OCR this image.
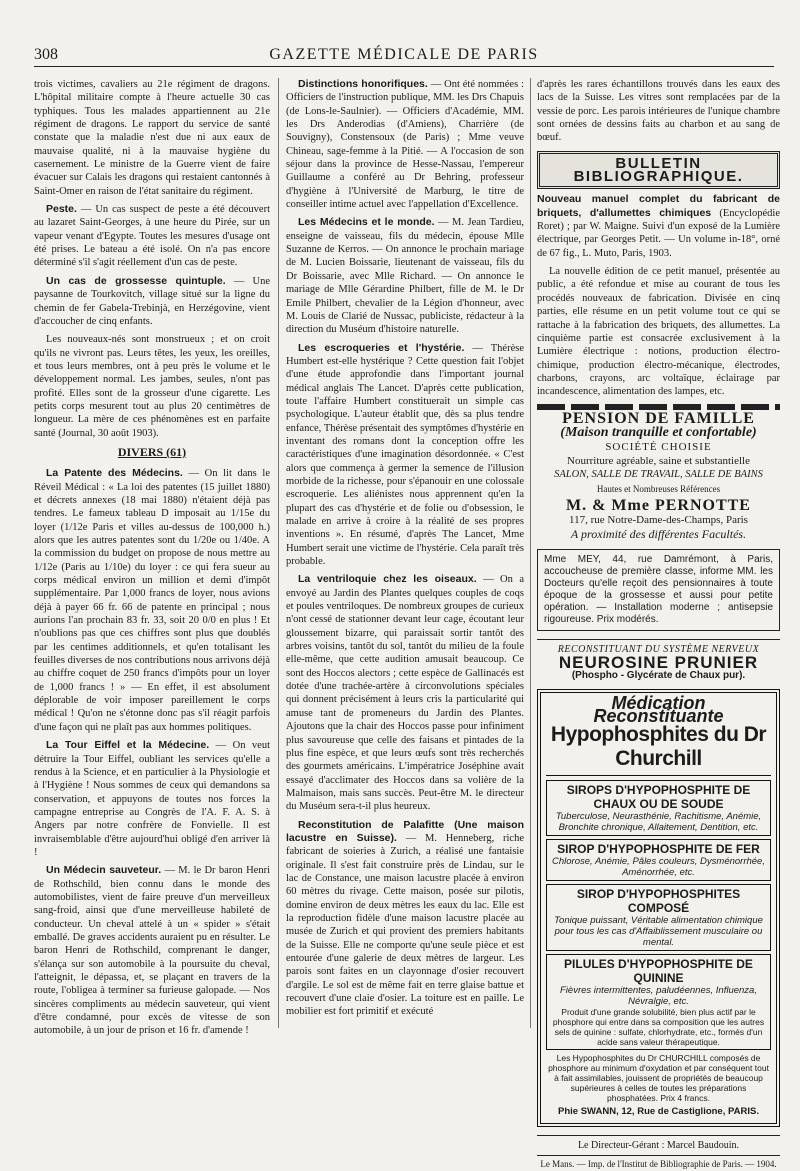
308	GAZETTE MÉDICALE DE PARIS

trois victimes, cavaliers au 21e régiment de dragons. L'hôpital militaire compte à l'heure actuelle 30 cas typhiques. Tous les malades appartiennent au 21e régiment de dragons. Le rapport du service de santé constate que la maladie n'est due ni aux eaux de mauvaise qualité, ni à la mauvaise hygiène du casernement. Le ministre de la Guerre vient de faire évacuer sur Calais les dragons qui restaient cantonnés à Saint-Omer en raison de l'état sanitaire du régiment.

Peste. — Un cas suspect de peste a été découvert au lazaret Saint-Georges, à une heure du Pirée, sur un vapeur venant d'Egypte. Toutes les mesures d'usage ont été prises. Le bateau a été isolé. On n'a pas encore déterminé s'il s'agit réellement d'un cas de peste.

Un cas de grossesse quintuple. — Une paysanne de Tourkovitch, village situé sur la ligne du chemin de fer Gabela-Trebinjà, en Herzégovine, vient d'accoucher de cinq enfants.

Les nouveaux-nés sont monstrueux ; et on croit qu'ils ne vivront pas. Leurs têtes, les yeux, les oreilles, et tous leurs membres, ont à peu près le volume et le développement normal. Les jambes, seules, n'ont pas profité. Elles sont de la grosseur d'une cigarette. Les petits corps mesurent tout au plus 20 centimètres de longueur. La mère de ces phénomènes est en parfaite santé (Journal, 30 août 1903).

DIVERS (61)

La Patente des Médecins. — On lit dans le Réveil Médical : « La loi des patentes (15 juillet 1880) et décrets annexes (18 mai 1880) n'étaient déjà pas tendres. Le fameux tableau D imposait au 1/15e du loyer (1/12e Paris et villes au-dessus de 100,000 h.) alors que les autres patentes sont du 1/20e ou 1/40e. A la commission du budget on propose de nous mettre au 1/12e (Paris au 1/10e) du loyer : ce qui fera sueur au corps médical environ un million et demi d'impôt supplémentaire. Par 1,000 francs de loyer, nous avions déjà à payer 66 fr. 66 de patente en principal ; nous aurions l'an prochain 83 fr. 33, soit 20 0/0 en plus ! Et n'oublions pas que ces chiffres sont plus que doublés par les centimes additionnels, et qu'en totalisant les feuilles diverses de nos contributions nous arrivons déjà au chiffre coquet de 250 francs d'impôts pour un loyer de 1,000 francs ! » — En effet, il est absolument déplorable de voir imposer pareillement le corps médical ! Qu'on ne s'étonne donc pas s'il réagit parfois d'une façon qui ne plaît pas aux hommes politiques.

La Tour Eiffel et la Médecine. — On veut détruire la Tour Eiffel, oubliant les services qu'elle a rendus à la Science, et en particulier à la Physiologie et à l'Hygiène ! Nous sommes de ceux qui demandons sa conservation, et appuyons de toutes nos forces la campagne entreprise au Congrès de l'A. F. A. S. à Angers par notre confrère de Fonvielle. Il est invraisemblable d'être aujourd'hui obligé d'en arriver là !

Un Médecin sauveteur. — M. le Dr baron Henri de Rothschild, bien connu dans le monde des automobilistes, vient de faire preuve d'un merveilleux sang-froid, ainsi que d'une merveilleuse habileté de conducteur. Un cheval attelé à un « spider » s'était emballé. De graves accidents auraient pu en résulter. Le baron Henri de Rothschild, comprenant le danger, s'élança sur son automobile à la poursuite du cheval, l'atteignit, le dépassa, et, se plaçant en travers de la route, l'obligea à terminer sa furieuse galopade. — Nos sincères compliments au médecin sauveteur, qui vient d'être condamné, pour excès de vitesse de son automobile, à un jour de prison et 16 fr. d'amende !

Distinctions honorifiques. — Ont été nommées : Officiers de l'instruction publique, MM. les Drs Chapuis (de Lons-le-Saulnier). — Officiers d'Académie, MM. les Drs Anderodias (d'Amiens), Charrière (de Souvigny), Constensoux (de Paris) ; Mme veuve Chineau, sage-femme à la Pitié. — A l'occasion de son séjour dans la province de Hesse-Nassau, l'empereur Guillaume a conféré au Dr Behring, professeur d'hygiène à l'Université de Marburg, le titre de conseiller intime actuel avec l'appellation d'Excellence.

Les Médecins et le monde. — M. Jean Tardieu, enseigne de vaisseau, fils du médecin, épouse Mlle Suzanne de Kerros. — On annonce le prochain mariage de M. Lucien Boissarie, lieutenant de vaisseau, fils du Dr Boissarie, avec Mlle Richard. — On annonce le mariage de Mlle Gérardine Philbert, fille de M. le Dr Emile Philbert, chevalier de la Légion d'honneur, avec M. Louis de Clarié de Nussac, publiciste, rédacteur à la direction du Muséum d'histoire naturelle.

Les escroqueries et l'hystérie. — Thérèse Humbert est-elle hystérique ? Cette question fait l'objet d'une étude approfondie dans l'important journal médical anglais The Lancet. D'après cette publication, toute l'affaire Humbert constituerait un simple cas psychologique. L'auteur établit que, dès sa plus tendre enfance, Thérèse présentait des symptômes d'hystérie en inventant des romans dont la conception offre les caractéristiques d'une imagination désordonnée. « C'est alors que commença à germer la semence de l'illusion morbide de la richesse, pour s'épanouir en une colossale escroquerie. Les aliénistes nous apprennent qu'en la plupart des cas d'hystérie et de folie ou d'obsession, le malade en arrive à croire à la réalité de ses propres inventions ». En résumé, d'après The Lancet, Mme Humbert serait une victime de l'hystérie. Cela paraît très probable.

La ventriloquie chez les oiseaux. — On a envoyé au Jardin des Plantes quelques couples de coqs et poules ventriloques. De nombreux groupes de curieux n'ont cessé de stationner devant leur cage, écoutant leur gloussement bizarre, qui paraissait sortir tantôt des arbres voisins, tantôt du sol, tantôt du milieu de la foule elle-même, que cette audition amusait beaucoup. Ce sont des Hoccos alectors ; cette espèce de Gallinacés est dotée d'une trachée-artère à circonvolutions spéciales qui donnent précisément à leurs cris la particularité qui amuse tant de promeneurs du Jardin des Plantes. Ajoutons que la chair des Hoccos passe pour infiniment plus savoureuse que celle des faisans et pintades de la plus fine espèce, et que leurs œufs sont très recherchés des gourmets américains. L'impératrice Joséphine avait essayé d'acclimater des Hoccos dans sa volière de la Malmaison, mais sans succès. Peut-être M. le directeur du Muséum sera-t-il plus heureux.

Reconstitution de Palafitte (Une maison lacustre en Suisse). — M. Henneberg, riche fabricant de soieries à Zurich, a réalisé une fantaisie originale. Il s'est fait construire près de Lindau, sur le lac de Constance, une maison lacustre placée à environ 60 mètres du rivage. Cette maison, posée sur pilotis, domine environ de deux mètres les eaux du lac. Elle est la reproduction fidèle d'une maison lacustre placée au musée de Zurich et qui provient des premiers habitants de la Suisse. Elle ne comporte qu'une seule pièce et est entourée d'une galerie de deux mètres de largeur. Les parois sont faites en un clayonnage d'osier recouvert d'argile. Le sol est de même fait en terre glaise battue et recouvert d'une claie d'osier. La toiture est en paille. Le mobilier est fort primitif et exécuté

d'après les rares échantillons trouvés dans les eaux des lacs de la Suisse. Les vitres sont remplacées par de la vessie de porc. Les parois intérieures de l'unique chambre sont ornées de dessins faits au charbon et au sang de bœuf.

BULLETIN BIBLIOGRAPHIQUE.

Nouveau manuel complet du fabricant de briquets, d'allumettes chimiques (Encyclopédie Roret) ; par W. Maigne. Suivi d'un exposé de la Lumière électrique, par Georges Petit. — Un volume in-18°, orné de 67 fig., L. Muto, Paris, 1903.

La nouvelle édition de ce petit manuel, présentée au public, a été refondue et mise au courant de tous les procédés nouveaux de fabrication. Divisée en cinq parties, elle résume en un petit volume tout ce qui se rattache à la fabrication des briquets, des allumettes. La cinquième partie est consacrée exclusivement à la Lumière électrique : notions, production électro-chimique, production électro-mécanique, électrodes, charbons, crayons, arc voltaïque, éclairage par incandescence, alimentation des lampes, etc.

PENSION DE FAMILLE
(Maison tranquille et confortable)
SOCIÉTÉ CHOISIE
Nourriture agréable, saine et substantielle
SALON, SALLE DE TRAVAIL, SALLE DE BAINS
Hautes et Nombreuses Références
M. & Mme PERNOTTE
117, rue Notre-Dame-des-Champs, Paris
A proximité des différentes Facultés.
Mme MEY, 44, rue Damrémont, à Paris, accoucheuse de première classe, informe MM. les Docteurs qu'elle reçoit des pensionnaires à toute époque de la grossesse et aussi pour petite opération. — Installation moderne ; antisepsie rigoureuse. Prix modérés.
RECONSTITUANT DU SYSTÈME NERVEUX
NEUROSINE PRUNIER
(Phospho - Glycérate de Chaux pur).
Médication Reconstituante
Hypophosphites du Dr Churchill
SIROPS D'HYPOPHOSPHITE DE CHAUX OU DE SOUDE
Tuberculose, Neurasthénie, Rachitisme, Anémie, Bronchite chronique, Allaitement, Dentition, etc.
SIROP D'HYPOPHOSPHITE DE FER
Chlorose, Anémie, Pâles couleurs, Dysménorrhée, Aménorrhée, etc.
SIROP D'HYPOPHOSPHITES COMPOSÉ
Tonique puissant, Véritable alimentation chimique pour tous les cas d'Affaiblissement musculaire ou mental.
PILULES D'HYPOPHOSPHITE DE QUININE
Fièvres intermittentes, paludéennes, Influenza, Névralgie, etc.
Produit d'une grande solubilité, bien plus actif par le phosphore qui entre dans sa composition que les autres sels de quinine : sulfate, chlorhydrate, etc., formés d'un acide sans valeur thérapeutique.
Les Hypophosphites du Dr CHURCHILL composés de phosphore au minimum d'oxydation et par conséquent tout à fait assimilables, jouissent de propriétés de beaucoup supérieures à celles de toutes les préparations phosphatées. Prix 4 francs.
Phie SWANN, 12, Rue de Castiglione, PARIS.
Le Directeur-Gérant : Marcel Baudouin.
Le Mans. — Imp. de l'Institut de Bibliographie de Paris. — 1904.
